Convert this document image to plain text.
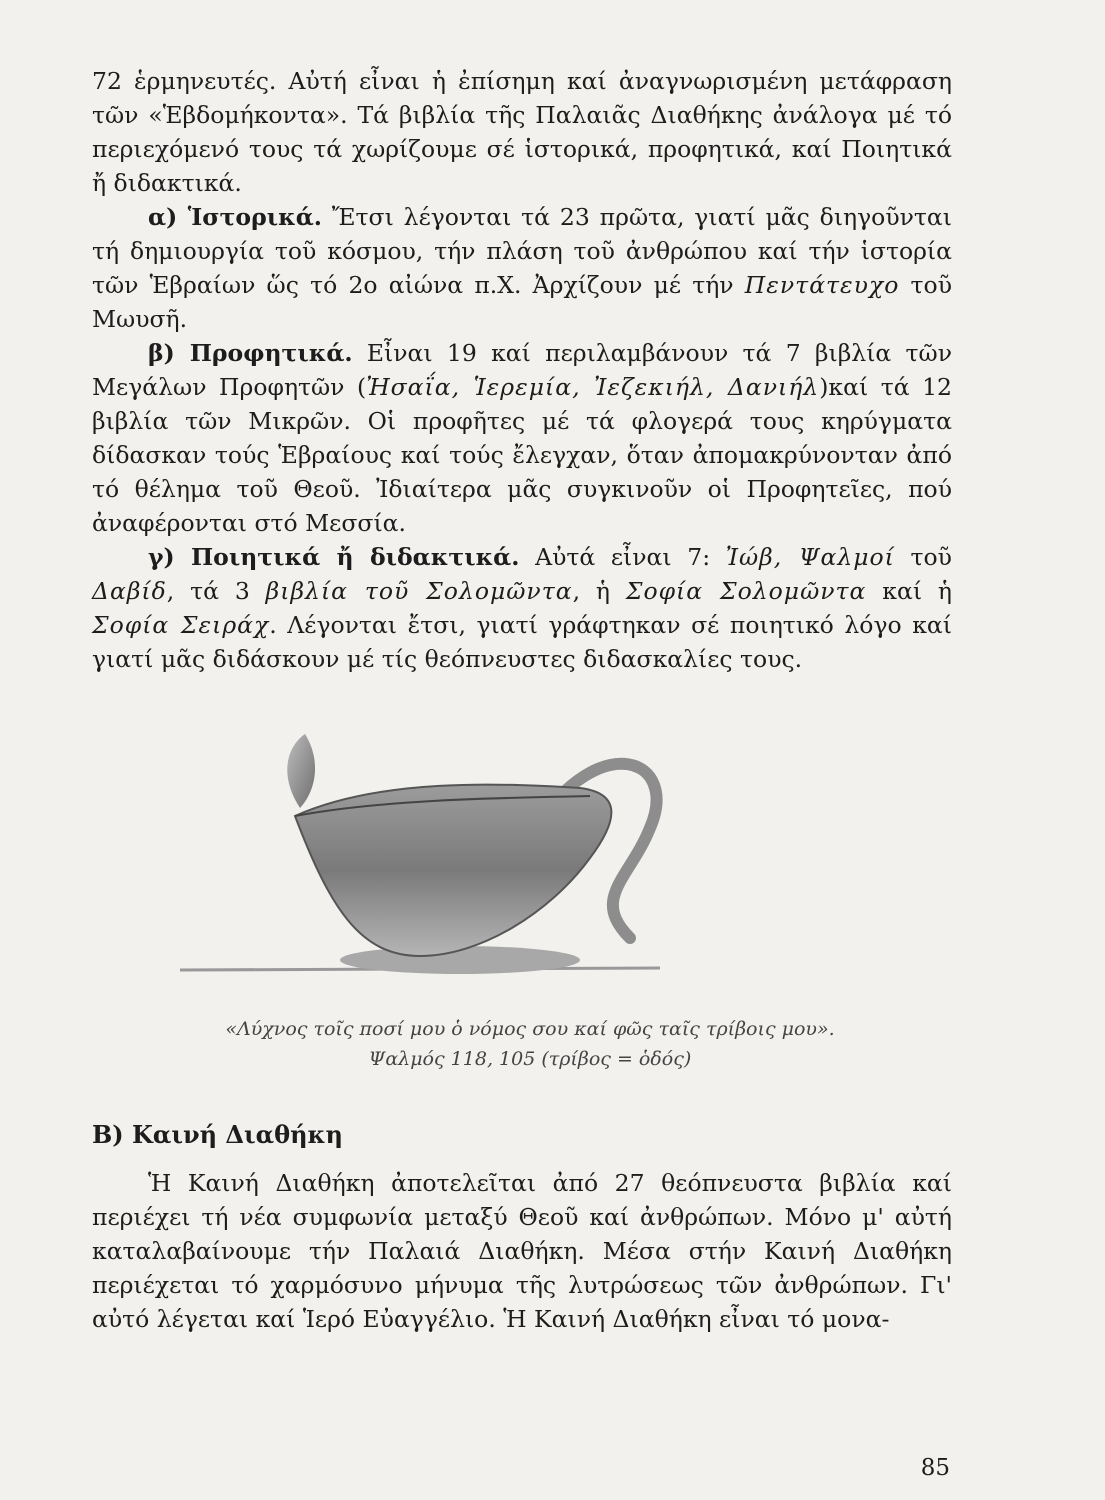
72 ἑρμηνευτές. Αὐτή εἶναι ἡ ἐπίσημη καί ἀναγνωρισμένη μετάφραση τῶν «Ἑβδομήκοντα». Τά βιβλία τῆς Παλαιᾶς Διαθήκης ἀνάλογα μέ τό περιεχόμενό τους τά χωρίζουμε σέ ἱστορικά, προφητικά, καί Ποιητικά ἤ διδακτικά.

α) Ἱστορικά. Ἔτσι λέγονται τά 23 πρῶτα, γιατί μᾶς διηγοῦνται τή δημιουργία τοῦ κόσμου, τήν πλάση τοῦ ἀνθρώπου καί τήν ἱστορία τῶν Ἑβραίων ὥς τό 2ο αἰώνα π.Χ. Ἀρχίζουν μέ τήν Πεντάτευχο τοῦ Μωυσῆ.

β) Προφητικά. Εἶναι 19 καί περιλαμβάνουν τά 7 βιβλία τῶν Μεγάλων Προφητῶν (Ἠσαΐα, Ἱερεμία, Ἰεζεκιήλ, Δανιήλ)καί τά 12 βιβλία τῶν Μικρῶν. Οἱ προφῆτες μέ τά φλογερά τους κηρύγματα δίδασκαν τούς Ἑβραίους καί τούς ἔλεγχαν, ὅταν ἀπομακρύνονταν ἀπό τό θέλημα τοῦ Θεοῦ. Ἰδιαίτερα μᾶς συγκινοῦν οἱ Προφητεῖες, πού ἀναφέρονται στό Μεσσία.

γ) Ποιητικά ἤ διδακτικά. Αὐτά εἶναι 7: Ἰώβ, Ψαλμοί τοῦ Δαβίδ, τά 3 βιβλία τοῦ Σολομῶντα, ἡ Σοφία Σολομῶντα καί ἡ Σοφία Σειράχ. Λέγονται ἔτσι, γιατί γράφτηκαν σέ ποιητικό λόγο καί γιατί μᾶς διδάσκουν μέ τίς θεόπνευστες διδασκαλίες τους.

«Λύχνος τοῖς ποσί μου ὁ νόμος σου καί φῶς ταῖς τρίβοις μου».
Ψαλμός 118, 105 (τρίβος = ὁδός)
Β) Καινή Διαθήκη

Ἡ Καινή Διαθήκη ἀποτελεῖται ἀπό 27 θεόπνευστα βιβλία καί περιέχει τή νέα συμφωνία μεταξύ Θεοῦ καί ἀνθρώπων. Μόνο μ' αὐτή καταλαβαίνουμε τήν Παλαιά Διαθήκη. Μέσα στήν Καινή Διαθήκη περιέχεται τό χαρμόσυνο μήνυμα τῆς λυτρώσεως τῶν ἀνθρώπων. Γι' αὐτό λέγεται καί Ἱερό Εὐαγγέλιο. Ἡ Καινή Διαθήκη εἶναι τό μονα-

85
